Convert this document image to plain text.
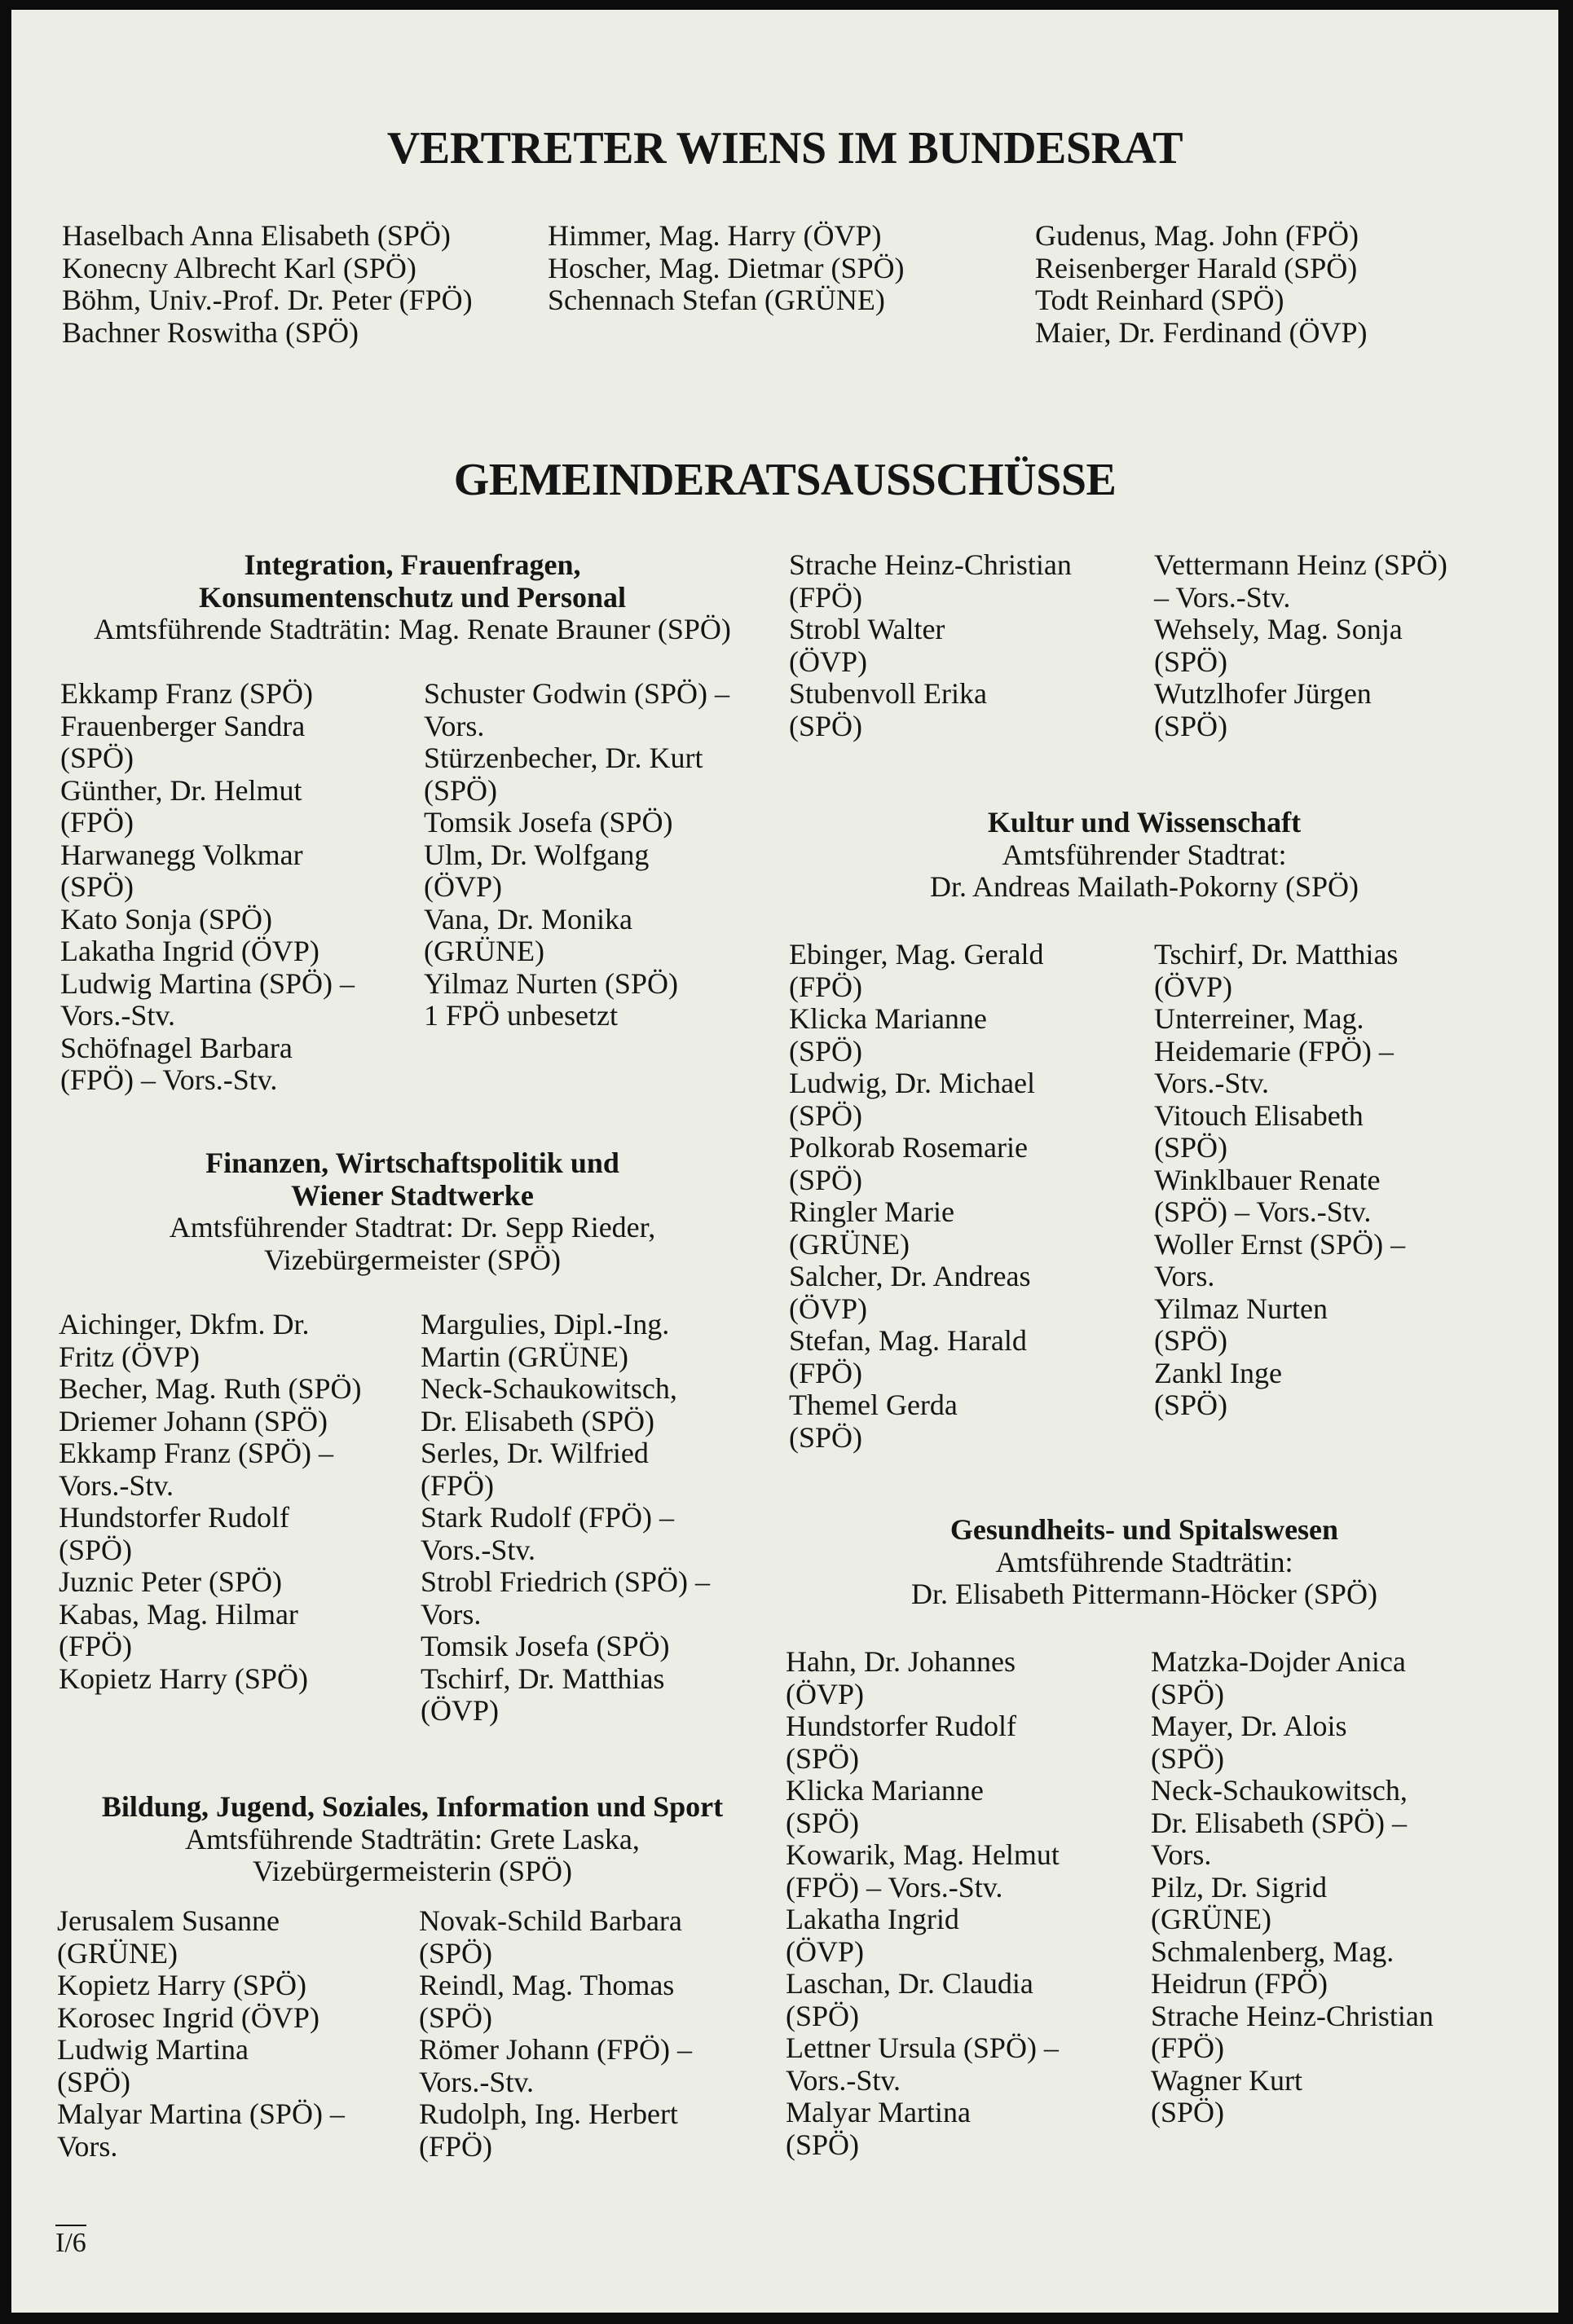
VERTRETER WIENS IM BUNDESRAT
Haselbach Anna Elisabeth (SPÖ)
Konecny Albrecht Karl (SPÖ)
Böhm, Univ.-Prof. Dr. Peter (FPÖ)
Bachner Roswitha (SPÖ)
Himmer, Mag. Harry (ÖVP)
Hoscher, Mag. Dietmar (SPÖ)
Schennach Stefan (GRÜNE)
Gudenus, Mag. John (FPÖ)
Reisenberger Harald (SPÖ)
Todt Reinhard (SPÖ)
Maier, Dr. Ferdinand (ÖVP)
GEMEINDERATSAUSSCHÜSSE
Integration, Frauenfragen,
Konsumentenschutz und Personal
Amtsführende Stadträtin: Mag. Renate Brauner (SPÖ)
Ekkamp Franz (SPÖ)
Frauenberger Sandra
(SPÖ)
Günther, Dr. Helmut
(FPÖ)
Harwanegg Volkmar
(SPÖ)
Kato Sonja (SPÖ)
Lakatha Ingrid (ÖVP)
Ludwig Martina (SPÖ) –
Vors.-Stv.
Schöfnagel Barbara
(FPÖ) – Vors.-Stv.
Schuster Godwin (SPÖ) –
Vors.
Stürzenbecher, Dr. Kurt
(SPÖ)
Tomsik Josefa (SPÖ)
Ulm, Dr. Wolfgang
(ÖVP)
Vana, Dr. Monika
(GRÜNE)
Yilmaz Nurten (SPÖ)
1 FPÖ unbesetzt
Strache Heinz-Christian
(FPÖ)
Strobl Walter
(ÖVP)
Stubenvoll Erika
(SPÖ)
Vettermann Heinz (SPÖ)
– Vors.-Stv.
Wehsely, Mag. Sonja
(SPÖ)
Wutzlhofer Jürgen
(SPÖ)
Finanzen, Wirtschaftspolitik und
Wiener Stadtwerke
Amtsführender Stadtrat: Dr. Sepp Rieder,
Vizebürgermeister (SPÖ)
Aichinger, Dkfm. Dr.
Fritz (ÖVP)
Becher, Mag. Ruth (SPÖ)
Driemer Johann (SPÖ)
Ekkamp Franz (SPÖ) –
Vors.-Stv.
Hundstorfer Rudolf
(SPÖ)
Juznic Peter (SPÖ)
Kabas, Mag. Hilmar
(FPÖ)
Kopietz Harry (SPÖ)
Margulies, Dipl.-Ing.
Martin (GRÜNE)
Neck-Schaukowitsch,
Dr. Elisabeth (SPÖ)
Serles, Dr. Wilfried
(FPÖ)
Stark Rudolf (FPÖ) –
Vors.-Stv.
Strobl Friedrich (SPÖ) –
Vors.
Tomsik Josefa (SPÖ)
Tschirf, Dr. Matthias
(ÖVP)
Bildung, Jugend, Soziales, Information und Sport
Amtsführende Stadträtin: Grete Laska,
Vizebürgermeisterin (SPÖ)
Jerusalem Susanne
(GRÜNE)
Kopietz Harry (SPÖ)
Korosec Ingrid (ÖVP)
Ludwig Martina
(SPÖ)
Malyar Martina (SPÖ) –
Vors.
Novak-Schild Barbara
(SPÖ)
Reindl, Mag. Thomas
(SPÖ)
Römer Johann (FPÖ) –
Vors.-Stv.
Rudolph, Ing. Herbert
(FPÖ)
Kultur und Wissenschaft
Amtsführender Stadtrat:
Dr. Andreas Mailath-Pokorny (SPÖ)
Ebinger, Mag. Gerald
(FPÖ)
Klicka Marianne
(SPÖ)
Ludwig, Dr. Michael
(SPÖ)
Polkorab Rosemarie
(SPÖ)
Ringler Marie
(GRÜNE)
Salcher, Dr. Andreas
(ÖVP)
Stefan, Mag. Harald
(FPÖ)
Themel Gerda
(SPÖ)
Tschirf, Dr. Matthias
(ÖVP)
Unterreiner, Mag.
Heidemarie (FPÖ) –
Vors.-Stv.
Vitouch Elisabeth
(SPÖ)
Winklbauer Renate
(SPÖ) – Vors.-Stv.
Woller Ernst (SPÖ) –
Vors.
Yilmaz Nurten
(SPÖ)
Zankl Inge
(SPÖ)
Gesundheits- und Spitalswesen
Amtsführende Stadträtin:
Dr. Elisabeth Pittermann-Höcker (SPÖ)
Hahn, Dr. Johannes
(ÖVP)
Hundstorfer Rudolf
(SPÖ)
Klicka Marianne
(SPÖ)
Kowarik, Mag. Helmut
(FPÖ) – Vors.-Stv.
Lakatha Ingrid
(ÖVP)
Laschan, Dr. Claudia
(SPÖ)
Lettner Ursula (SPÖ) –
Vors.-Stv.
Malyar Martina
(SPÖ)
Matzka-Dojder Anica
(SPÖ)
Mayer, Dr. Alois
(SPÖ)
Neck-Schaukowitsch,
Dr. Elisabeth (SPÖ) –
Vors.
Pilz, Dr. Sigrid
(GRÜNE)
Schmalenberg, Mag.
Heidrun (FPÖ)
Strache Heinz-Christian
(FPÖ)
Wagner Kurt
(SPÖ)
I/6
